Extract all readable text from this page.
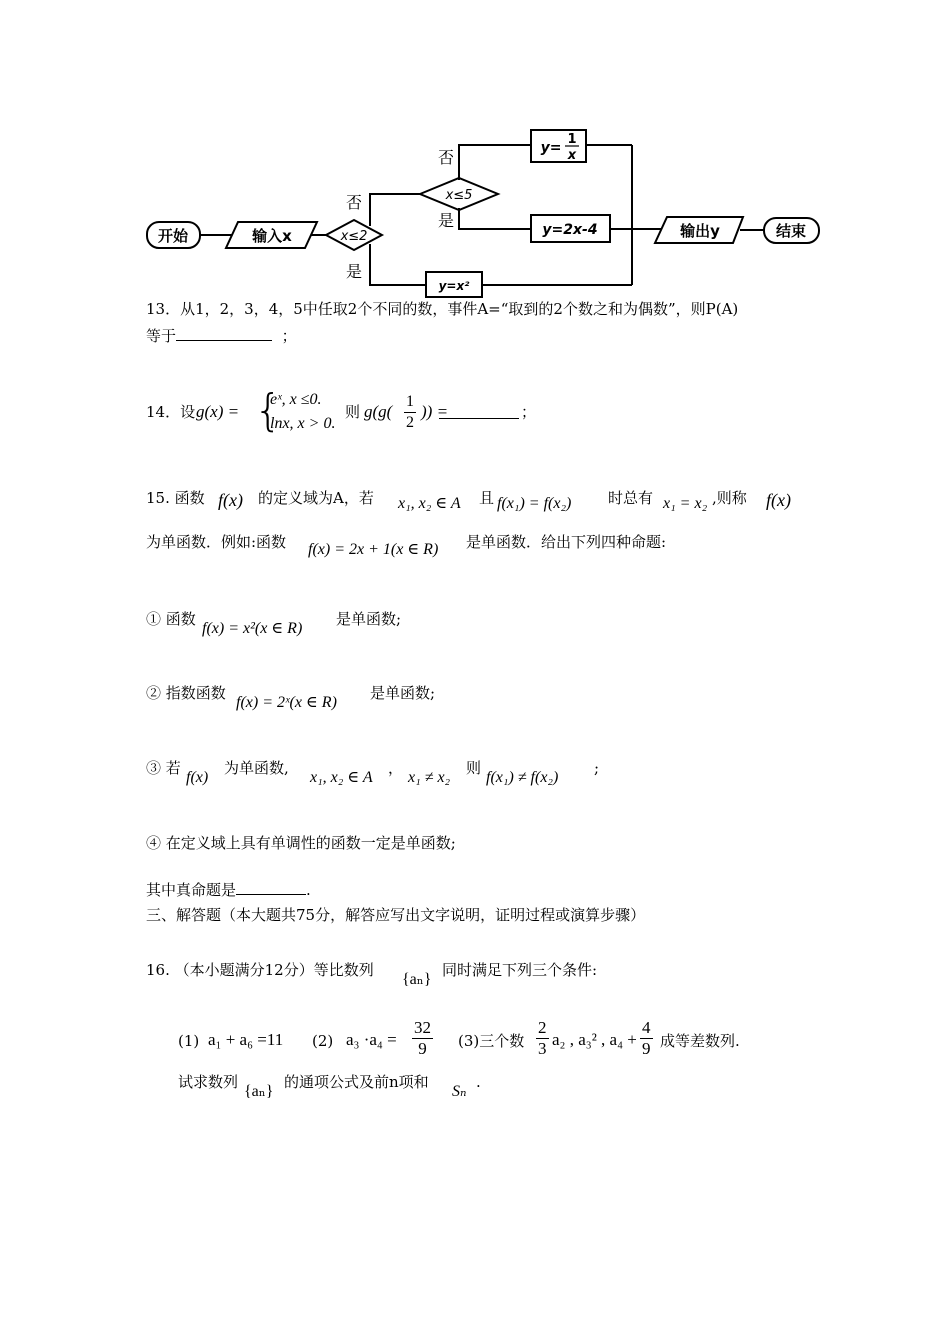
开始	输入x	输出y	结束
y=2x-4
y=x²
y=
1
x
x≤2
x≤5
否
是
否
是
13．从1，2，3，4，5中任取2个不同的数，事件A=“取到的2个数之和为偶数”，则P(A)
等于	；
14．设 g(x) = {
eˣ, x ≤0.
lnx, x > 0.
则 $g(g( \frac{1}{2}$ )) =	；
15. 函数 f(x) 的定义域为A，若 x₁, x₂ ∈ A 且 f(x₁) = f(x₂) 时总有 x₁ = x₂ ,则称 f(x)
为单函数．例如:函数 f(x) = 2x + 1(x ∈ R) 是单函数．给出下列四种命题:
① 函数
f(x) = x²(x ∈ R)
是单函数;
② 指数函数
f(x) = 2ˣ(x ∈ R)
是单函数;
③ 若
f(x)
为单函数,
x₁, x₂ ∈ A
，
x₁ ≠ x₂
则
f(x₁) ≠ f(x₂)
;
④ 在定义域上具有单调性的函数一定是单函数;
其中真命题是	.
三、解答题（本大题共75分，解答应写出文字说明，证明过程或演算步骤）
16. （本小题满分12分）等比数列
{aₙ}
同时满足下列三个条件:
(1) a₁ + a₆ =11 (2) $a_3 \cdot a_4 = \frac{32}{9} (3)$三个数 $\frac{2}{3} a_2$ , a₃² , $a_4 + \frac{4}{9}$ 成等差数列.
试求数列
{aₙ}
的通项公式及前n项和
Sₙ
.
